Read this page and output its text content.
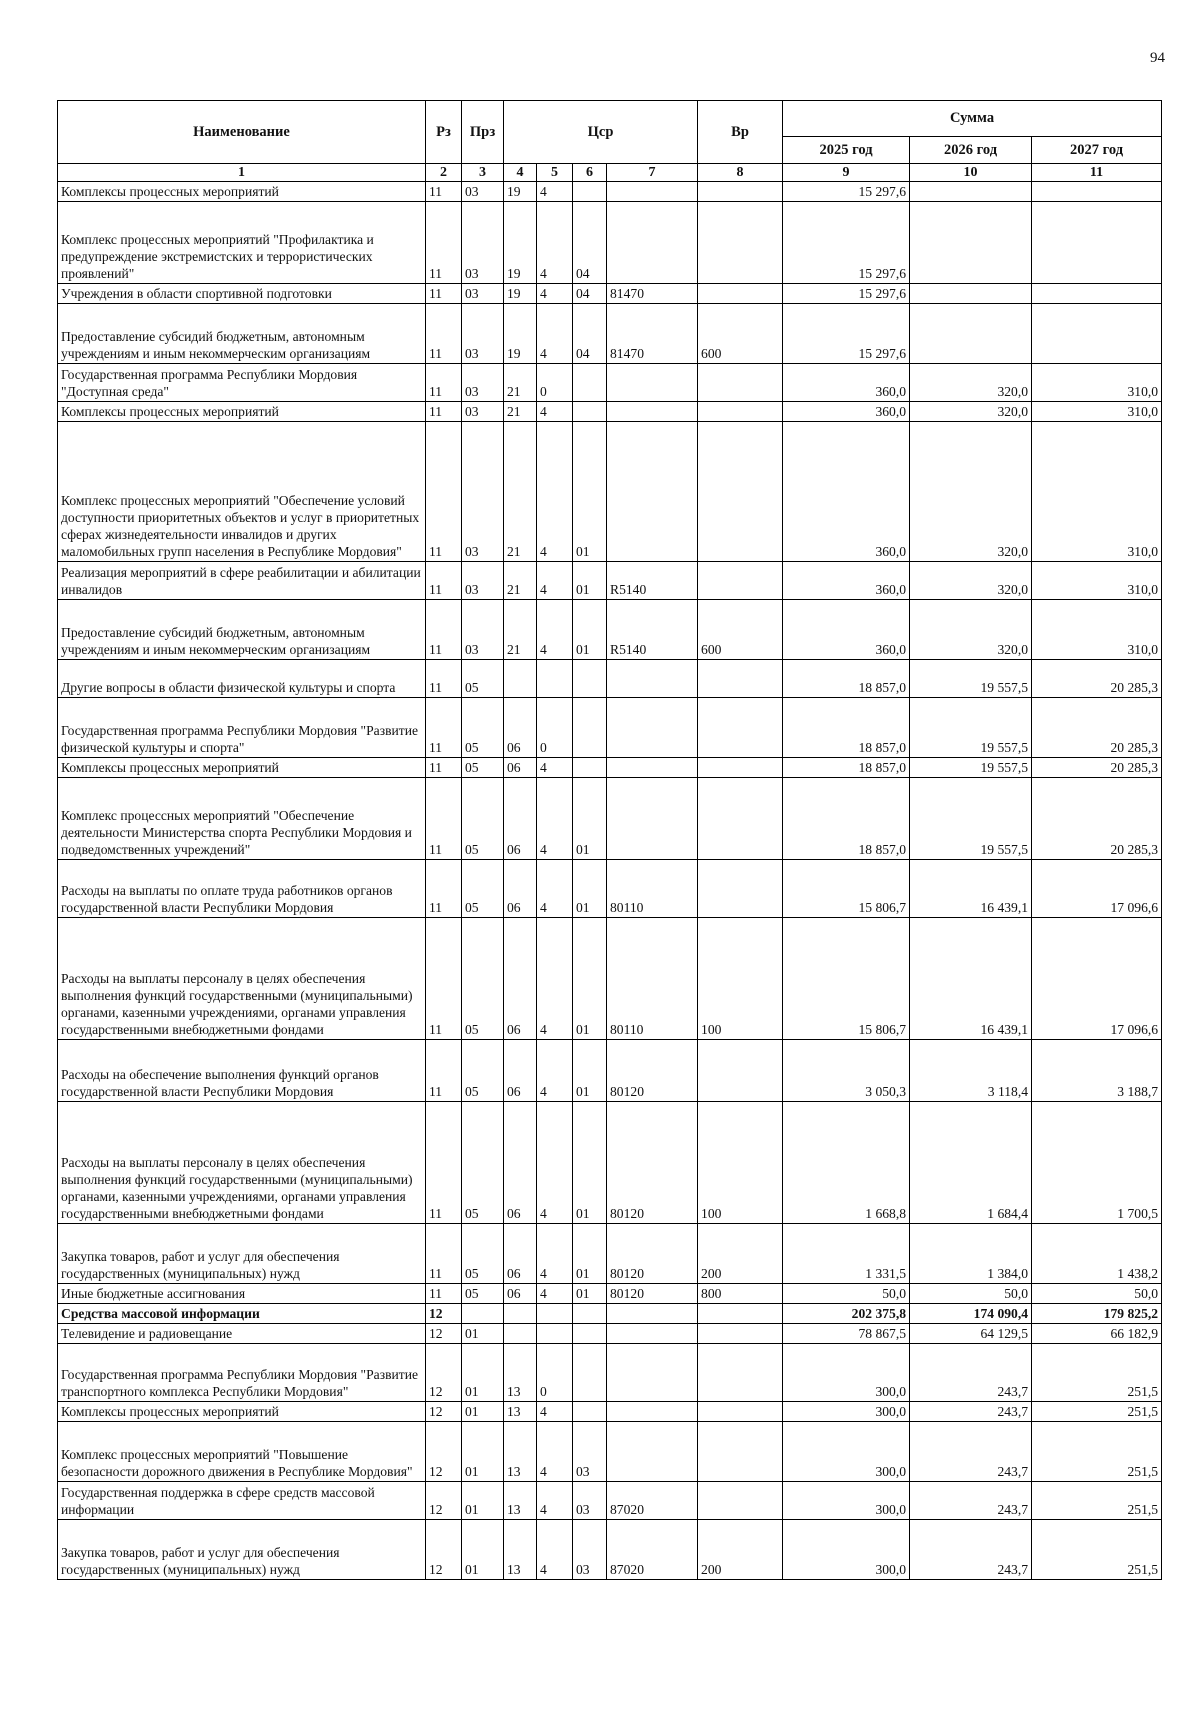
94
Наименование	Рз	Прз	Цср				Вр	Сумма		
								2025 год	2026 год	2027 год
1	2	3	4	5	6	7	8	9	10	11
Комплексы процессных мероприятий	11	03	19	4				15 297,6		
Комплекс процессных мероприятий "Профилактика и предупреждение экстремистских и террористических проявлений"	11	03	19	4	04			15 297,6		
Учреждения в области спортивной подготовки	11	03	19	4	04	81470		15 297,6		
Предоставление субсидий бюджетным, автономным учреждениям и иным некоммерческим организациям	11	03	19	4	04	81470	600	15 297,6		
Государственная программа Республики Мордовия "Доступная среда"	11	03	21	0				360,0	320,0	310,0
Комплексы процессных мероприятий	11	03	21	4				360,0	320,0	310,0
Комплекс процессных мероприятий "Обеспечение условий доступности приоритетных объектов и услуг в приоритетных сферах жизнедеятельности инвалидов и других маломобильных групп населения в Республике Мордовия"	11	03	21	4	01			360,0	320,0	310,0
Реализация мероприятий в сфере реабилитации и абилитации инвалидов	11	03	21	4	01	R5140		360,0	320,0	310,0
Предоставление субсидий бюджетным, автономным учреждениям и иным некоммерческим организациям	11	03	21	4	01	R5140	600	360,0	320,0	310,0
Другие вопросы в области физической культуры и спорта	11	05						18 857,0	19 557,5	20 285,3
Государственная программа Республики Мордовия "Развитие физической культуры и спорта"	11	05	06	0				18 857,0	19 557,5	20 285,3
Комплексы процессных мероприятий	11	05	06	4				18 857,0	19 557,5	20 285,3
Комплекс процессных мероприятий "Обеспечение деятельности Министерства спорта Республики Мордовия и подведомственных учреждений"	11	05	06	4	01			18 857,0	19 557,5	20 285,3
Расходы на выплаты по оплате труда работников органов государственной власти Республики Мордовия	11	05	06	4	01	80110		15 806,7	16 439,1	17 096,6
Расходы на выплаты персоналу в целях обеспечения выполнения функций государственными (муниципальными) органами, казенными учреждениями, органами управления государственными внебюджетными фондами	11	05	06	4	01	80110	100	15 806,7	16 439,1	17 096,6
Расходы на обеспечение выполнения функций органов государственной власти Республики Мордовия	11	05	06	4	01	80120		3 050,3	3 118,4	3 188,7
Расходы на выплаты персоналу в целях обеспечения выполнения функций государственными (муниципальными) органами, казенными учреждениями, органами управления государственными внебюджетными фондами	11	05	06	4	01	80120	100	1 668,8	1 684,4	1 700,5
Закупка товаров, работ и услуг для обеспечения государственных (муниципальных) нужд	11	05	06	4	01	80120	200	1 331,5	1 384,0	1 438,2
Иные бюджетные ассигнования	11	05	06	4	01	80120	800	50,0	50,0	50,0
Средства массовой информации	12							202 375,8	174 090,4	179 825,2
Телевидение и радиовещание	12	01						78 867,5	64 129,5	66 182,9
Государственная программа Республики Мордовия "Развитие транспортного комплекса Республики Мордовия"	12	01	13	0				300,0	243,7	251,5
Комплексы процессных мероприятий	12	01	13	4				300,0	243,7	251,5
Комплекс процессных мероприятий "Повышение безопасности дорожного движения в Республике Мордовия"	12	01	13	4	03			300,0	243,7	251,5
Государственная поддержка в сфере средств массовой информации	12	01	13	4	03	87020		300,0	243,7	251,5
Закупка товаров, работ и услуг для обеспечения государственных (муниципальных) нужд	12	01	13	4	03	87020	200	300,0	243,7	251,5
